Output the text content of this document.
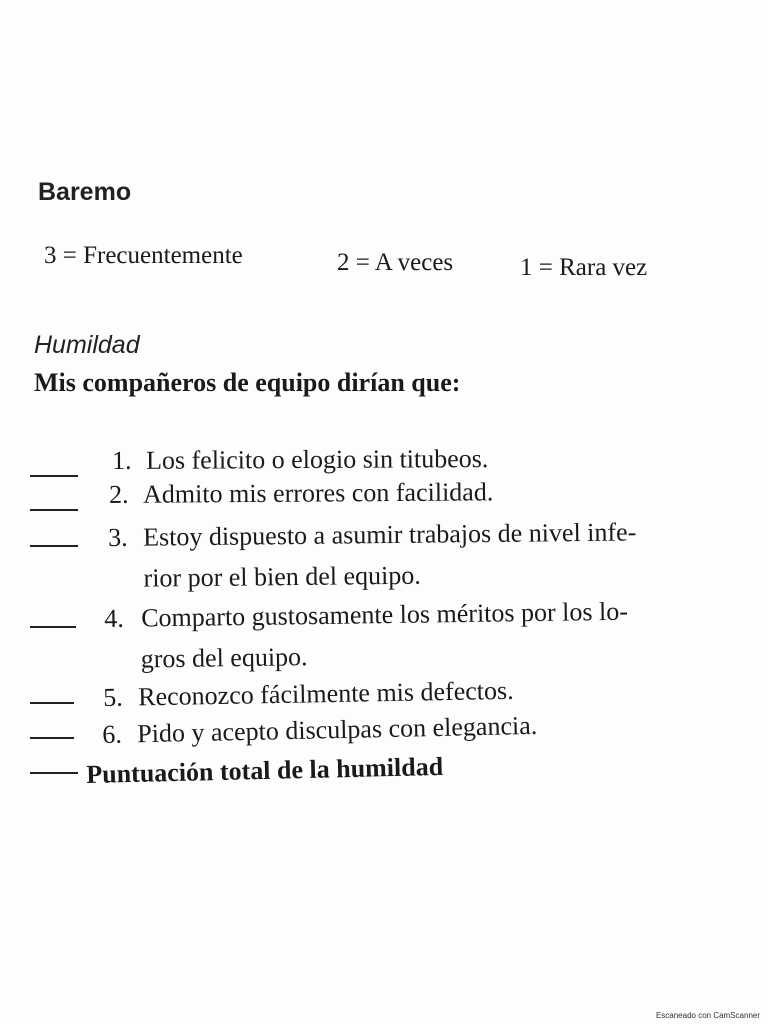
Baremo
3 = Frecuentemente	2 = A veces	1 = Rara vez
Humildad
Mis compañeros de equipo dirían que:
1. Los felicito o elogio sin titubeos.
2. Admito mis errores con facilidad.
3. Estoy dispuesto a asumir trabajos de nivel infe-
rior por el bien del equipo.
4. Comparto gustosamente los méritos por los lo-
gros del equipo.
5. Reconozco fácilmente mis defectos.
6. Pido y acepto disculpas con elegancia.
Puntuación total de la humildad
Escaneado con CamScanner
